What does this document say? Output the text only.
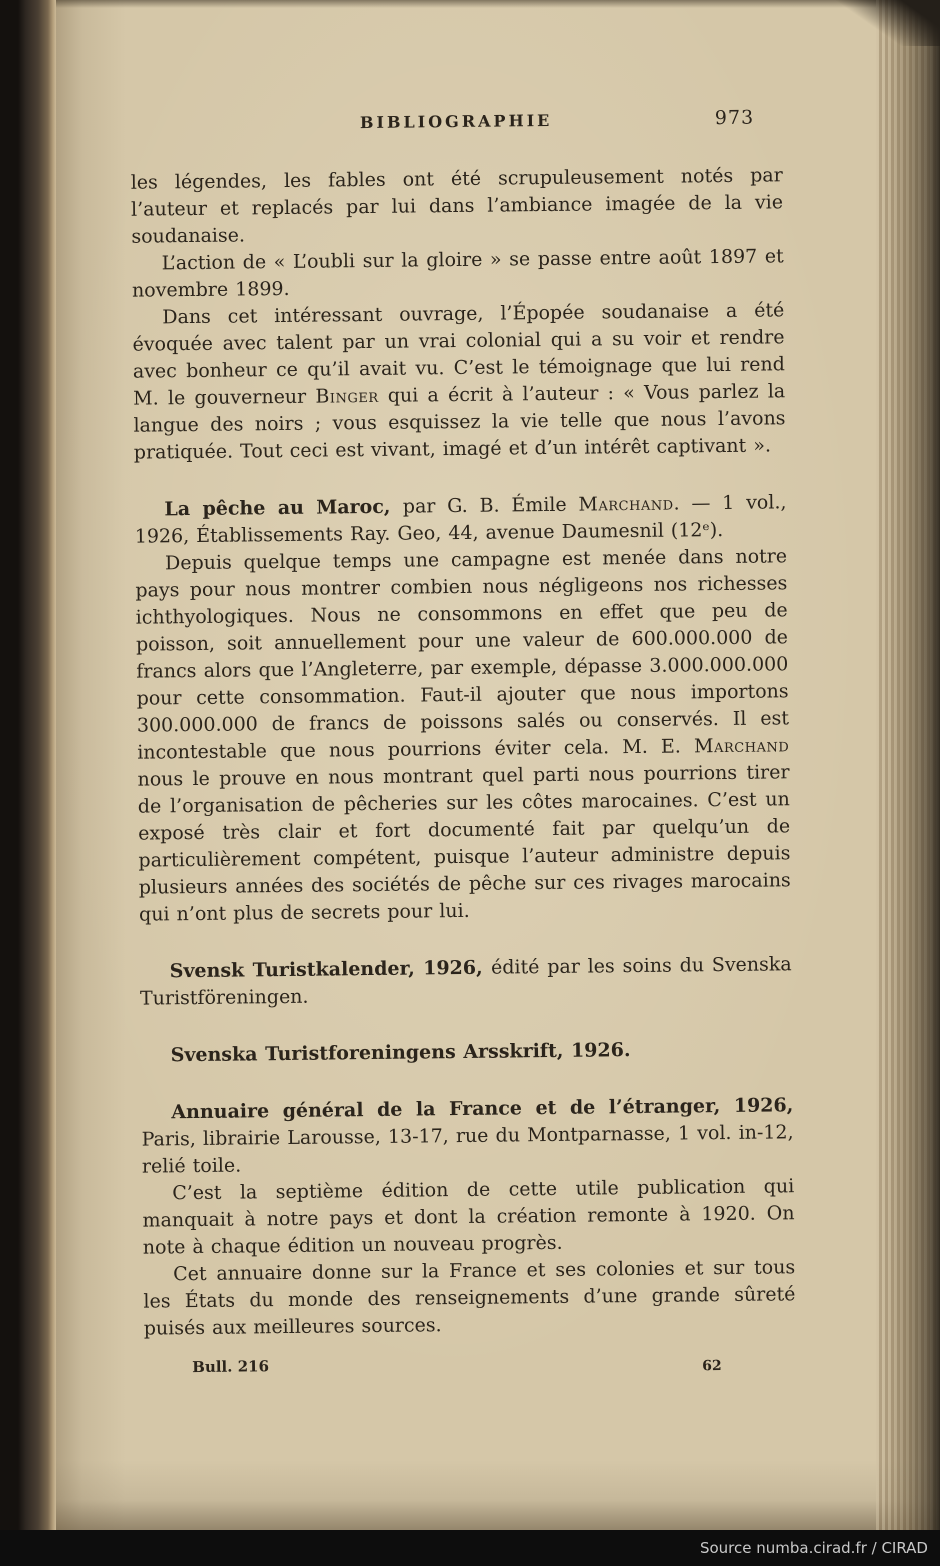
BIBLIOGRAPHIE	973

les légendes, les fables ont été scrupuleusement notés par l’auteur et replacés par lui dans l’ambiance imagée de la vie soudanaise.

L’action de « L’oubli sur la gloire » se passe entre août 1897 et novembre 1899.

Dans cet intéressant ouvrage, l’Épopée soudanaise a été évoquée avec talent par un vrai colonial qui a su voir et rendre avec bonheur ce qu’il avait vu. C’est le témoignage que lui rend M. le gouverneur Binger qui a écrit à l’auteur : « Vous parlez la langue des noirs ; vous esquissez la vie telle que nous l’avons pratiquée. Tout ceci est vivant, imagé et d’un intérêt captivant ».

La pêche au Maroc, par G. B. Émile Marchand. — 1 vol., 1926, Établissements Ray. Geo, 44, avenue Daumesnil (12ᵉ).

Depuis quelque temps une campagne est menée dans notre pays pour nous montrer combien nous négligeons nos richesses ichthyologiques. Nous ne consommons en effet que peu de poisson, soit annuellement pour une valeur de 600.000.000 de francs alors que l’Angleterre, par exemple, dépasse 3.000.000.000 pour cette consommation. Faut-il ajouter que nous importons 300.000.000 de francs de poissons salés ou conservés. Il est incontestable que nous pourrions éviter cela. M. E. Marchand nous le prouve en nous montrant quel parti nous pourrions tirer de l’organisation de pêcheries sur les côtes marocaines. C’est un exposé très clair et fort documenté fait par quelqu’un de particulièrement compétent, puisque l’auteur administre depuis plusieurs années des sociétés de pêche sur ces rivages marocains qui n’ont plus de secrets pour lui.

Svensk Turistkalender, 1926, édité par les soins du Svenska Turistföreningen.

Svenska Turistforeningens Arsskrift, 1926.

Annuaire général de la France et de l’étranger, 1926, Paris, librairie Larousse, 13-17, rue du Montparnasse, 1 vol. in-12, relié toile.

C’est la septième édition de cette utile publication qui manquait à notre pays et dont la création remonte à 1920. On note à chaque édition un nouveau progrès.

Cet annuaire donne sur la France et ses colonies et sur tous les États du monde des renseignements d’une grande sûreté puisés aux meilleures sources.

Bull. 216	62
Source numba.cirad.fr / CIRAD
